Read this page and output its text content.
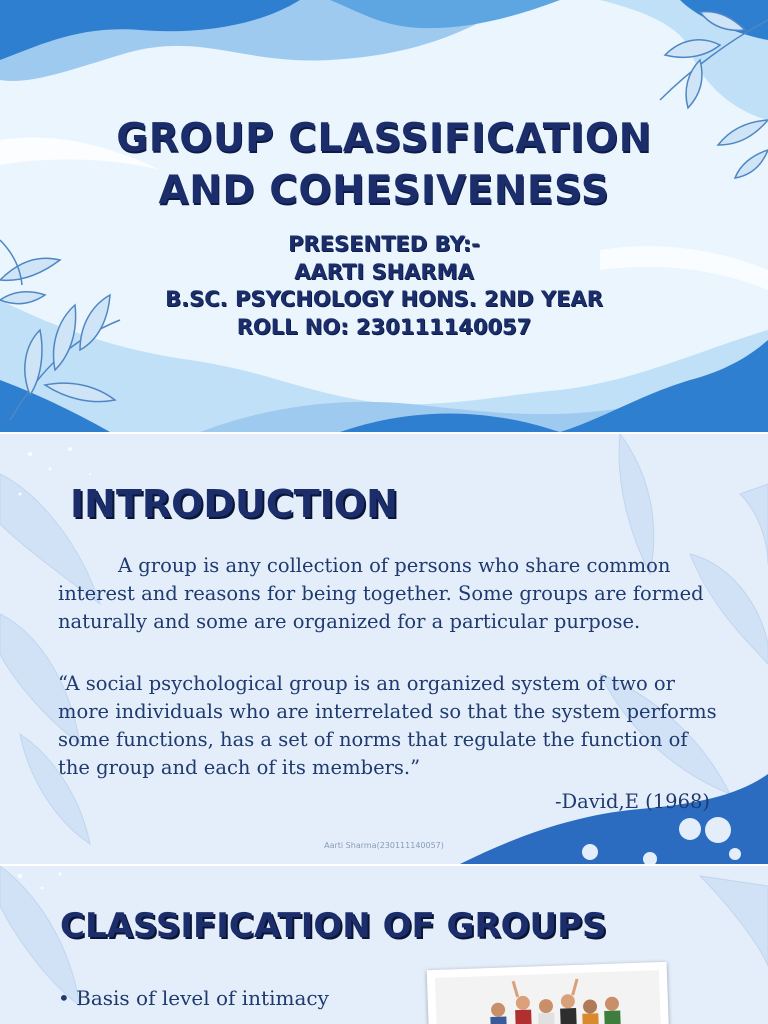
GROUP CLASSIFICATION
AND COHESIVENESS
PRESENTED BY:-
AARTI SHARMA
B.SC. PSYCHOLOGY HONS. 2ND YEAR
ROLL NO: 230111140057
INTRODUCTION
A group is any collection of persons who share common
interest and reasons for being together. Some groups are formed naturally and some are organized for a particular purpose.
“A social psychological group is an organized system of two or more individuals who are interrelated so that the system performs some functions, has a set of norms that regulate the function of the group and each of its members.”
-David,E (1968)
Aarti Sharma(230111140057)
CLASSIFICATION OF GROUPS
• Basis of level of intimacy
